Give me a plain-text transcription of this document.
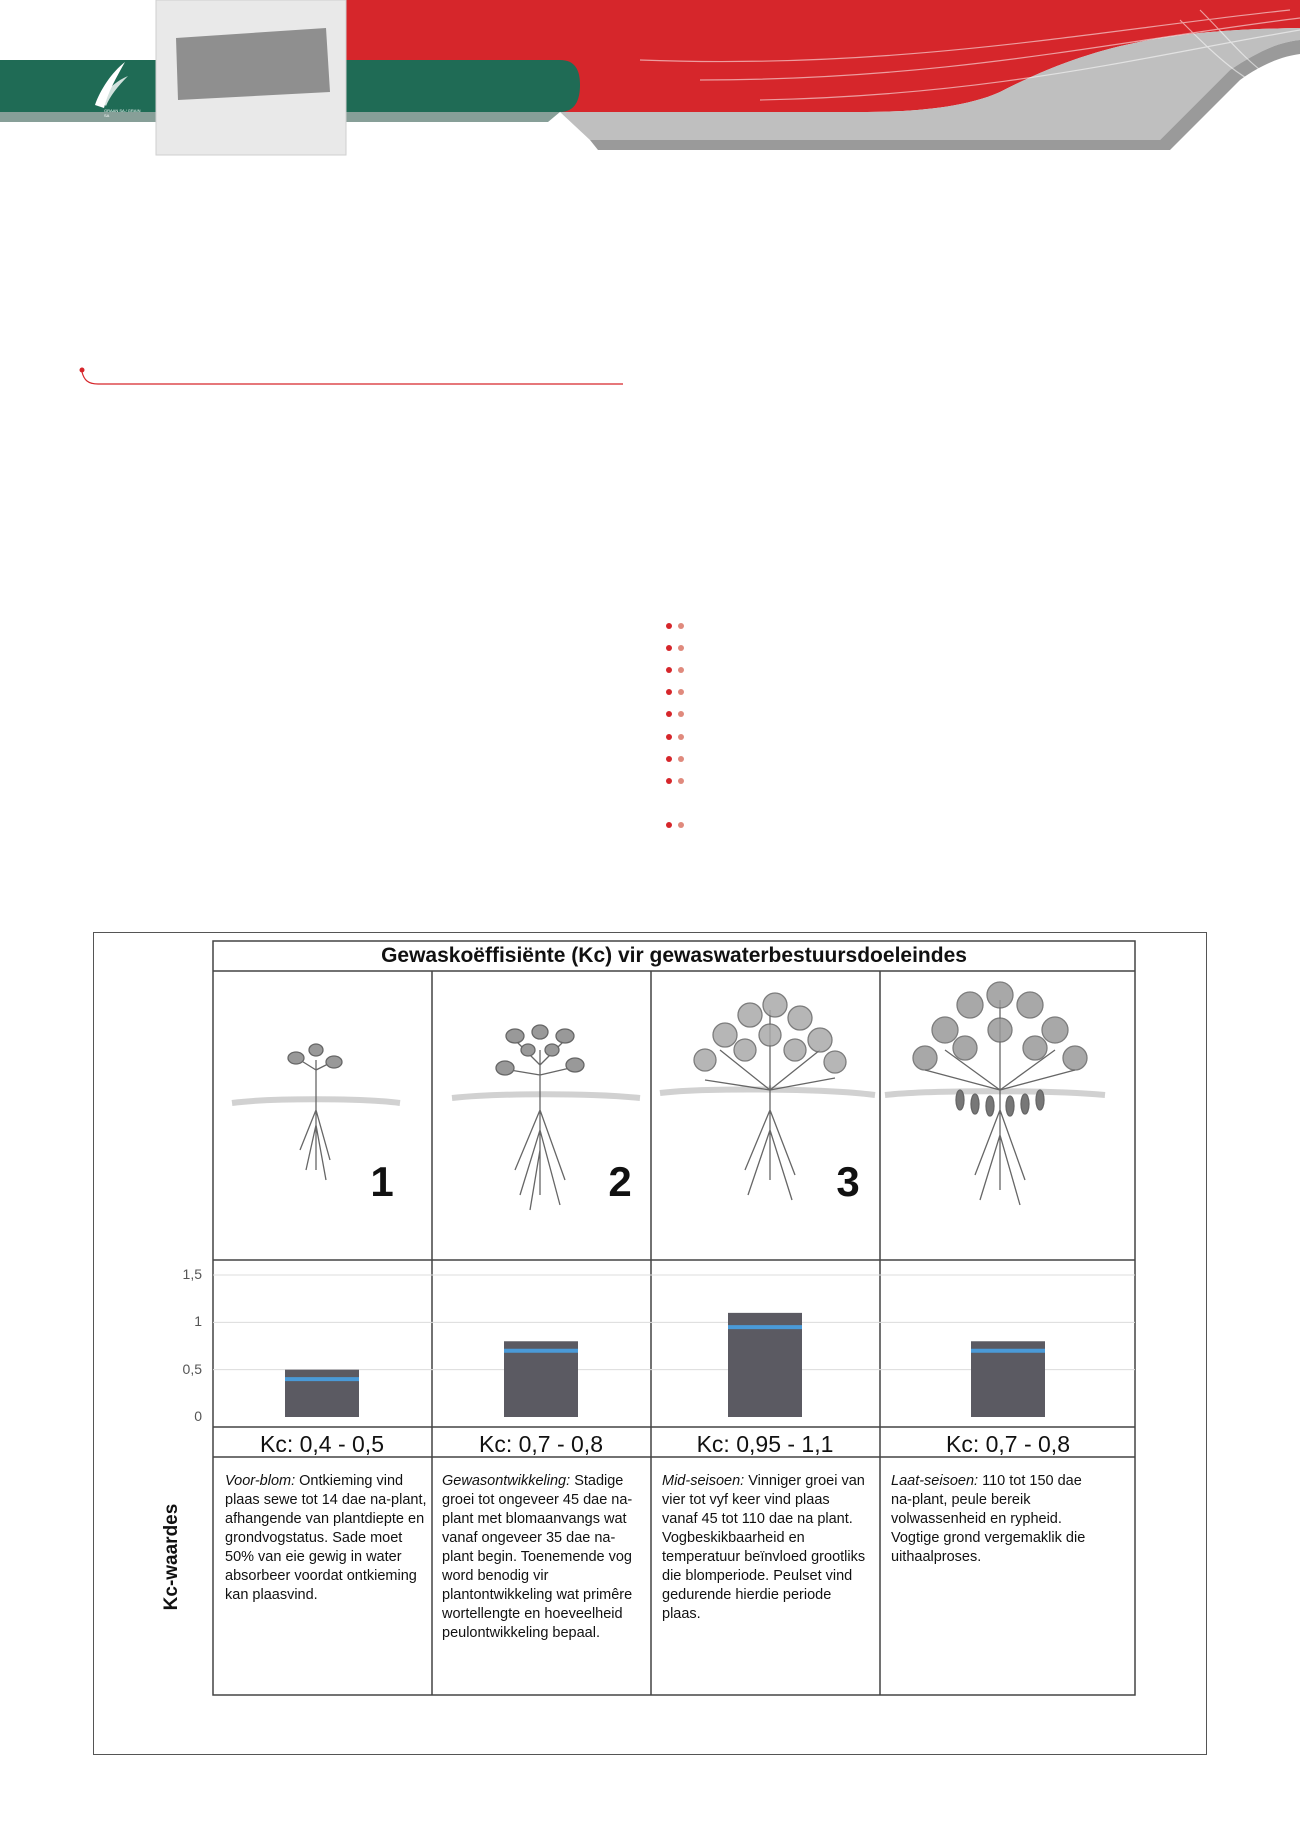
GRAAN SA / GRAIN SA
Gewaskoëffisiënte (Kc) vir gewaswaterbestuursdoeleindes
1	2	3
1,5
1
0,5
0
Kc-waardes
Kc: 0,4 - 0,5	Kc: 0,7 - 0,8	Kc: 0,95 - 1,1	Kc: 0,7 - 0,8
Voor-blom: Ontkieming vind plaas sewe tot 14 dae na-plant, afhangende van plantdiepte en grondvogstatus. Sade moet 50% van eie gewig in water absorbeer voordat ontkieming kan plaasvind.
Gewasontwikkeling: Stadige groei tot ongeveer 45 dae na-plant met blomaanvangs wat vanaf ongeveer 35 dae na-plant begin. Toenemende vog word benodig vir plantontwikkeling wat primêre wortellengte en hoeveelheid peulontwikkeling bepaal.
Mid-seisoen: Vinniger groei van vier tot vyf keer vind plaas vanaf 45 tot 110 dae na plant. Vogbeskikbaarheid en temperatuur beïnvloed grootliks die blomperiode. Peulset vind gedurende hierdie periode plaas.
Laat-seisoen: 110 tot 150 dae na-plant, peule bereik volwassenheid en rypheid. Vogtige grond vergemaklik die uithaalproses.
